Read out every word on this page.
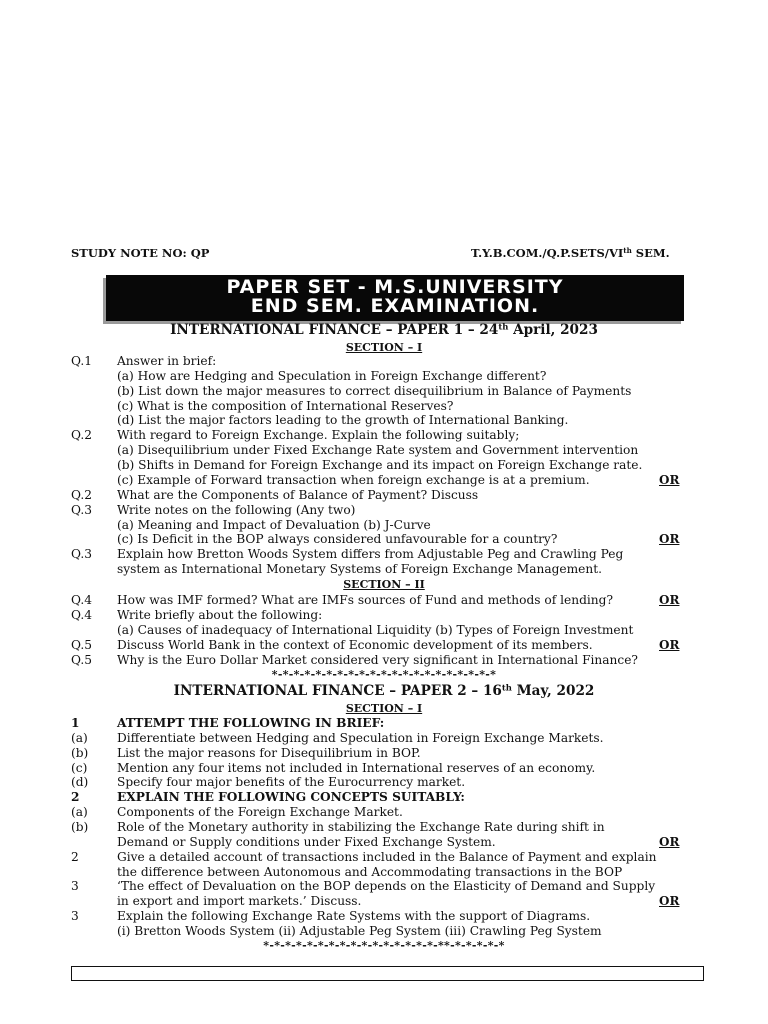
STUDY NOTE NO: QP	T.Y.B.COM./Q.P.SETS/VIth SEM.
PAPER SET - M.S.UNIVERSITY
END SEM. EXAMINATION.
INTERNATIONAL FINANCE – PAPER 1 – 24th April, 2023
SECTION – I
Q.1 Answer in brief:
(a) How are Hedging and Speculation in Foreign Exchange different?
(b) List down the major measures to correct disequilibrium in Balance of Payments
(c) What is the composition of International Reserves?
(d) List the major factors leading to the growth of International Banking.
Q.2 With regard to Foreign Exchange. Explain the following suitably;
(a) Disequilibrium under Fixed Exchange Rate system and Government intervention
(b) Shifts in Demand for Foreign Exchange and its impact on Foreign Exchange rate.
(c) Example of Forward transaction when foreign exchange is at a premium.	OR
Q.2 What are the Components of Balance of Payment? Discuss
Q.3 Write notes on the following (Any two)
(a) Meaning and Impact of Devaluation (b) J-Curve
(c) Is Deficit in the BOP always considered unfavourable for a country?	OR
Q.3 Explain how Bretton Woods System differs from Adjustable Peg and Crawling Peg
system as International Monetary Systems of Foreign Exchange Management.
SECTION – II
Q.4 How was IMF formed? What are IMFs sources of Fund and methods of lending?	OR
Q.4 Write briefly about the following:
(a) Causes of inadequacy of International Liquidity (b) Types of Foreign Investment
Q.5 Discuss World Bank in the context of Economic development of its members.	OR
Q.5 Why is the Euro Dollar Market considered very significant in International Finance?
*-*-*-*-*-*-*-*-*-*-*-*-*-*-*-*-*-*-*-*-*
INTERNATIONAL FINANCE – PAPER 2 – 16th May, 2022
SECTION – I
1	ATTEMPT THE FOLLOWING IN BRIEF:
(a) Differentiate between Hedging and Speculation in Foreign Exchange Markets.
(b) List the major reasons for Disequilibrium in BOP.
(c) Mention any four items not included in International reserves of an economy.
(d) Specify four major benefits of the Eurocurrency market.
2	EXPLAIN THE FOLLOWING CONCEPTS SUITABLY:
(a) Components of the Foreign Exchange Market.
(b) Role of the Monetary authority in stabilizing the Exchange Rate during shift in
Demand or Supply conditions under Fixed Exchange System.	OR
2	Give a detailed account of transactions included in the Balance of Payment and explain
the difference between Autonomous and Accommodating transactions in the BOP
3	‘The effect of Devaluation on the BOP depends on the Elasticity of Demand and Supply
in export and import markets.’ Discuss.	OR
3	Explain the following Exchange Rate Systems with the support of Diagrams.
(i) Bretton Woods System (ii) Adjustable Peg System (iii) Crawling Peg System
*-*-*-*-*-*-*-*-*-*-*-*-*-*-*-*-**-*-*-*-*-*
